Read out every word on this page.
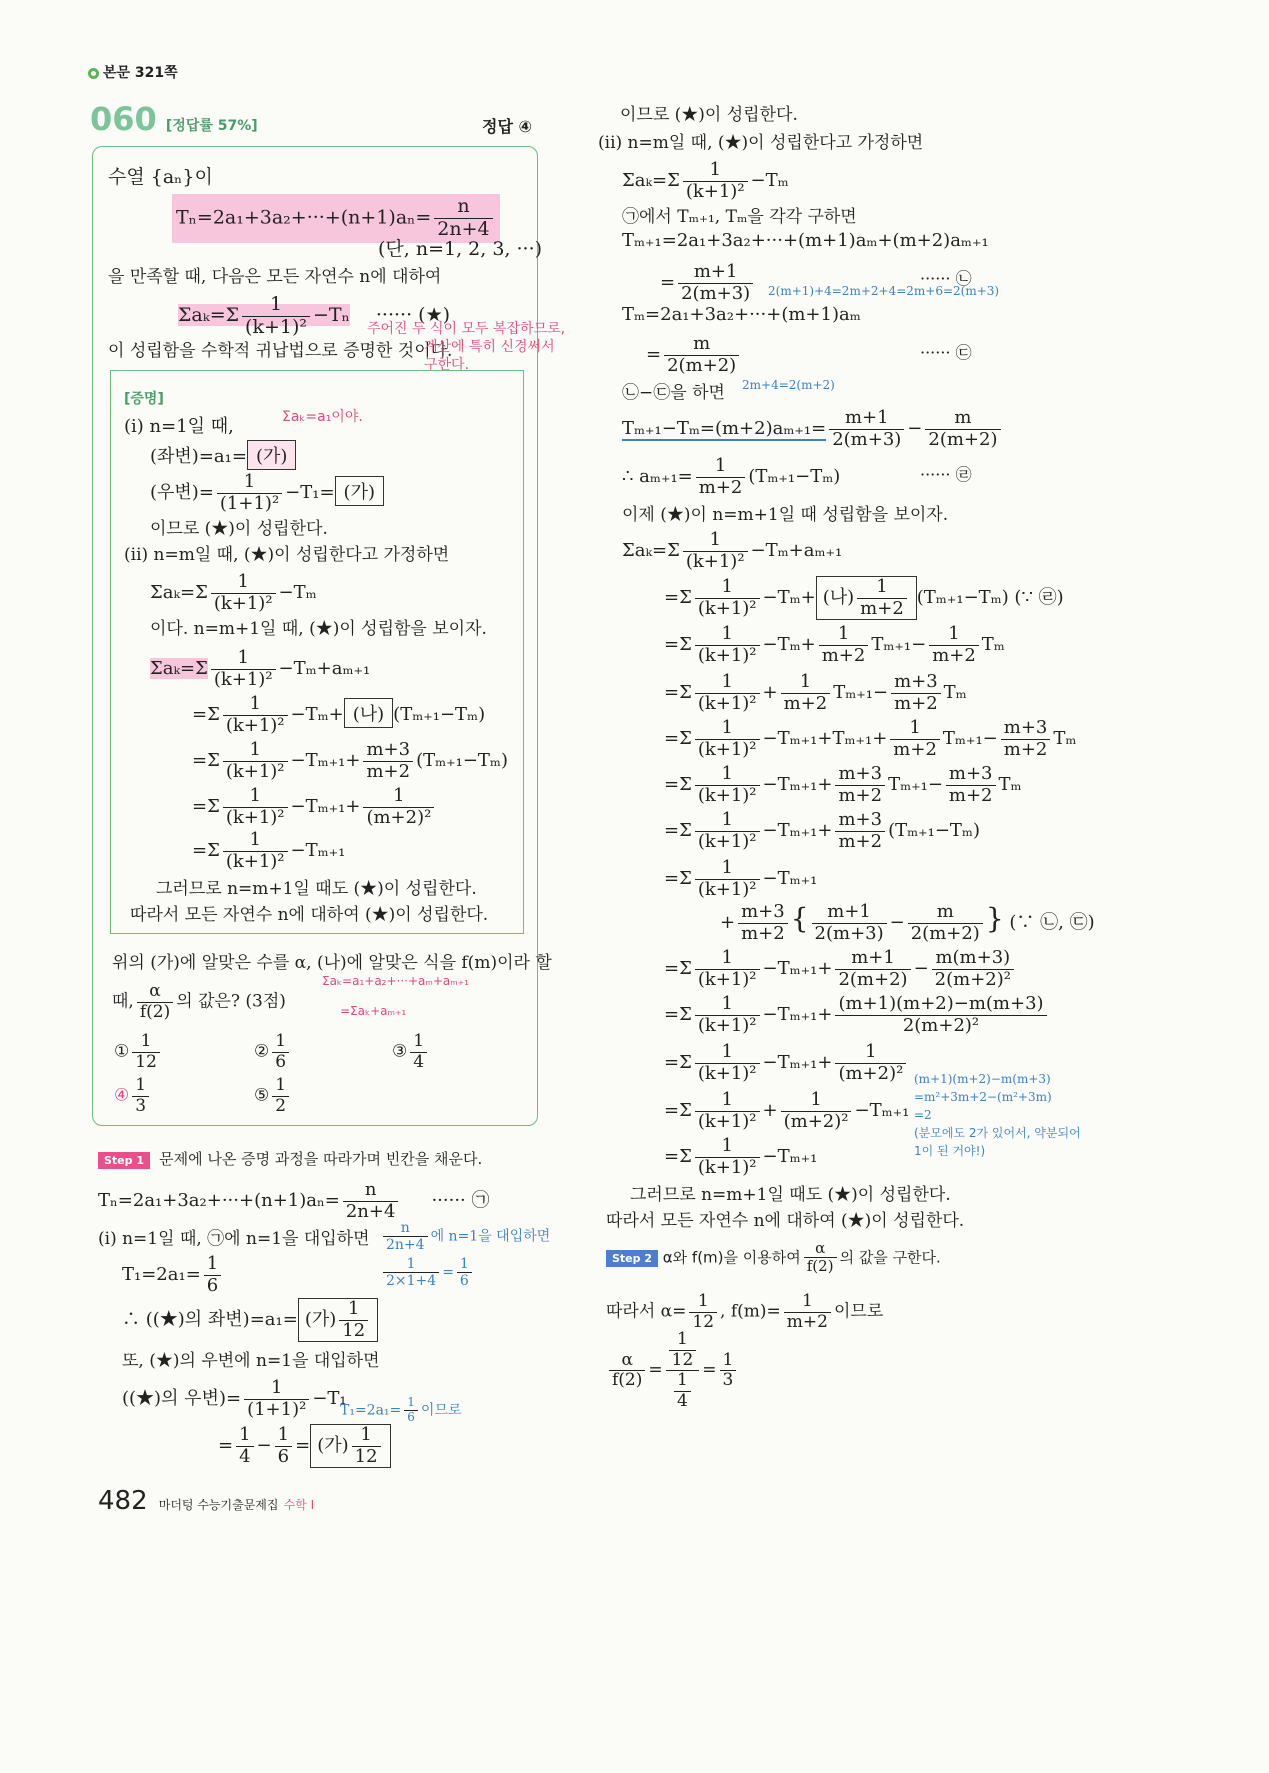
본문 321쪽
060 [정답률 57%]	정답 ④
수열 {aₙ}이
$T_n=2a_1+3a_2+\cdot\cdot\cdot+(n+1)a_n= \frac{n}{2n+4}$
(단, n=1, 2, 3, ···)
을 만족할 때, 다음은 모든 자연수 n에 대하여
$\Sigma a_k=\Sigma \frac{1}{\text{(k+1)²}} -T_n$ ······ (★)
주어진 두 식이 모두 복잡하므로,
이 성립함을 수학적 귀납법으로 증명한 것이다.
계산에 특히 신경써서
구한다.
[증명]
(i) n=1일 때,	Σaₖ=a₁이야.
(좌변)=a₁= (가)
(우변)= $\frac{1}{\text{(1+1)²}} -T_1=$ (가)
이므로 (★)이 성립한다.
(ii) n=m일 때, (★)이 성립한다고 가정하면
$\Sigma a_k=\Sigma \frac{1}{\text{(k+1)²}} -T_m$
이다. n=m+1일 때, (★)이 성립함을 보이자.
$\Sigma a_k=\Sigma \frac{1}{\text{(k+1)²}} -T_m+a_{m+1}$
$=\Sigma \frac{1}{\text{(k+1)²}} -T_m+$ (나) (Tₘ₊₁−Tₘ)
$=\Sigma \frac{1}{\text{(k+1)²}} -T_{m+1}+ \frac{m+3}{m+2} (T_{m+1}-T_m)$
$=\Sigma \frac{1}{\text{(k+1)²}} -T_{m+1}+ \frac{1}{\text{(m+2)²}}$
$=\Sigma \frac{1}{\text{(k+1)²}} -T_{m+1}$
그러므로 n=m+1일 때도 (★)이 성립한다.
따라서 모든 자연수 n에 대하여 (★)이 성립한다.
위의 (가)에 알맞은 수를 α, (나)에 알맞은 식을 f(m)이라 할
Σaₖ=a₁+a₂+···+aₘ+aₘ₊₁
때, $\frac{\alpha}{f(2)}$ 의 값은? (3점)	=Σaₖ+aₘ₊₁
① $\frac{1}{12}$	② $\frac{1}{6}$	③ $\frac{1}{4}$
④ $\frac{1}{3}$	⑤ $\frac{1}{2}$
Step 1 문제에 나온 증명 과정을 따라가며 빈칸을 채운다.
$T_n=2a_1+3a_2+\cdot\cdot\cdot+(n+1)a_n= \frac{n}{2n+4}$ ······ ㉠
(i) n=1일 때, ㉠에 n=1을 대입하면 $\frac{n}{2n+4}$ 에 n=1을 대입하면
$T_1=2a_1= \frac{1}{6}$	$\frac{1}{2\times 1+4} = \frac{1}{6}$
∴ ((★)의 좌변)=a₁= (가) $\frac{1}{12}$
또, (★)의 우변에 n=1을 대입하면
((★)의 우변)= $\frac{1}{\text{(1+1)²}} -T_1$
$T_1=2a_1= \frac{1}{6}$ 이므로
= $\frac{1}{4} - \frac{1}{6}$ = (가) $\frac{1}{12}$
이므로 (★)이 성립한다.
(ii) n=m일 때, (★)이 성립한다고 가정하면
$\Sigma a_k=\Sigma \frac{1}{\text{(k+1)²}} -T_m$
㉠에서 Tₘ₊₁, Tₘ을 각각 구하면
Tₘ₊₁=2a₁+3a₂+···+(m+1)aₘ+(m+2)aₘ₊₁
= $\frac{m+1}{2(m+3)}$	······ ㉡
2(m+1)+4=2m+2+4=2m+6=2(m+3)
Tₘ=2a₁+3a₂+···+(m+1)aₘ
= $\frac{m}{2(m+2)}$	······ ㉢
㉡−㉢을 하면 2m+4=2(m+2)
$T_{m+1}-T_m=(m+2)a_{m+1}= \frac{m+1}{2(m+3)} - \frac{m}{2(m+2)}$
∴ $a_{m+1}= \frac{1}{m+2} (T_{m+1}-T_m)$	······ ㉣
이제 (★)이 n=m+1일 때 성립함을 보이자.
$\Sigma a_k=\Sigma \frac{1}{\text{(k+1)²}} -T_m+a_{m+1}$
$=\Sigma \frac{1}{\text{(k+1)²}} -T_m+$ (나) $\frac{1}{m+2} (T_{m+1}-T_m)$ (∵ ㉣)
$=\Sigma \frac{1}{\text{(k+1)²}} -T_m+ \frac{1}{m+2} T_{m+1}- \frac{1}{m+2}$ Tₘ
$=\Sigma \frac{1}{\text{(k+1)²}} + \frac{1}{m+2} T_{m+1}- \frac{m+3}{m+2}$ Tₘ
$=\Sigma \frac{1}{\text{(k+1)²}} -T_{m+1}+T_{m+1}+ \frac{1}{m+2} T_{m+1}- \frac{m+3}{m+2}$ Tₘ
$=\Sigma \frac{1}{\text{(k+1)²}} -T_{m+1}+ \frac{m+3}{m+2} T_{m+1}- \frac{m+3}{m+2}$ Tₘ
$=\Sigma \frac{1}{\text{(k+1)²}} -T_{m+1}+ \frac{m+3}{m+2} (T_{m+1}-T_m)$
$=\Sigma \frac{1}{\text{(k+1)²}} -T_{m+1}$
+ $\frac{m+3}{m+2}$ { $\frac{m+1}{2(m+3)} - \frac{m}{2(m+2)}$ } (∵ ㉡, ㉢)
$=\Sigma \frac{1}{\text{(k+1)²}} -T_{m+1}+ \frac{m+1}{2(m+2)} - \frac{m(m+3)}{\text{2(m+2)²}}$
$=\Sigma \frac{1}{\text{(k+1)²}} -T_{m+1}+ \frac{(m+1)(m+2)-m(m+3)}{\text{2(m+2)²}}$
$=\Sigma \frac{1}{\text{(k+1)²}} -T_{m+1}+ \frac{1}{\text{(m+2)²}} (m+1)(m+2)-m(m+3)$
=m²+3m+2−(m²+3m)
=2
(분모에도 2가 있어서, 약분되어
1이 된 거야!)
$=\Sigma \frac{1}{\text{(k+1)²}} + \frac{1}{\text{(m+2)²}} -T_{m+1}$
$=\Sigma \frac{1}{\text{(k+1)²}} -T_{m+1}$
그러므로 n=m+1일 때도 (★)이 성립한다.
따라서 모든 자연수 n에 대하여 (★)이 성립한다.
Step 2 α와 f(m)을 이용하여 $\frac{\alpha}{f(2)}$ 의 값을 구한다.
따라서 $\alpha= \frac{1}{12}$ , $f(m)= \frac{1}{m+2}$ 이므로
$\frac{\alpha}{f(2)} = \frac{\frac{1}{12}}{\frac{1}{4}} = \frac{1}{3}$
482 마더텅 수능기출문제집 수학 I
